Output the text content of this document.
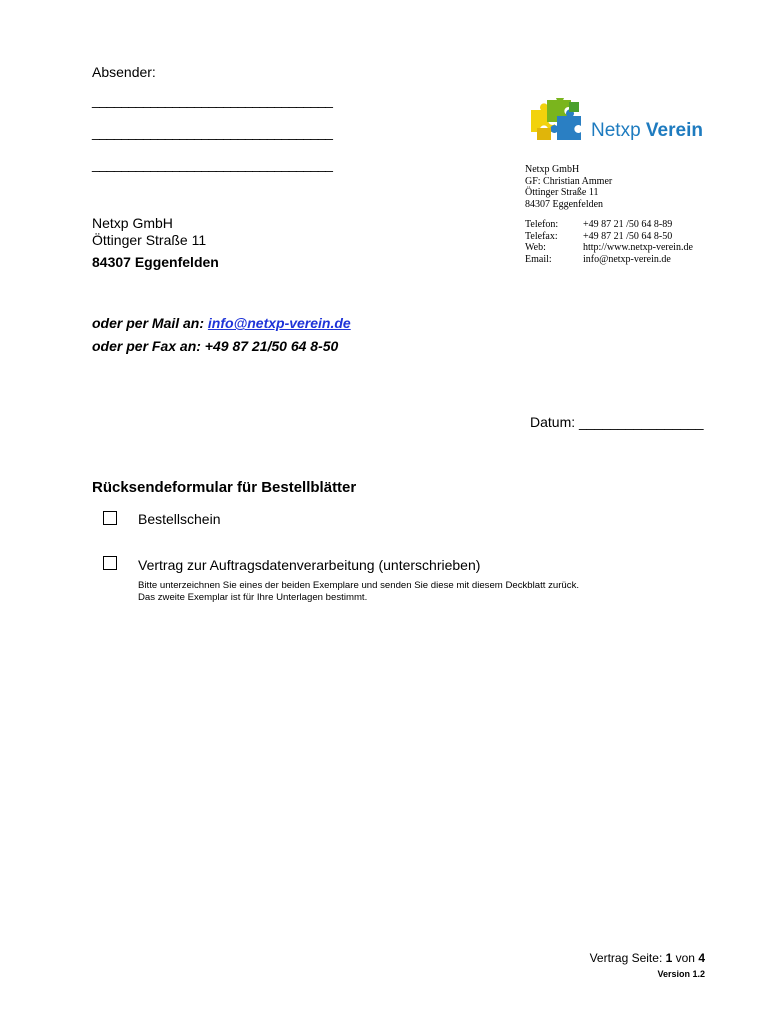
Absender:
_________________________________
_________________________________
_________________________________
Netxp GmbH
Öttinger Straße 11
84307 Eggenfelden
Netxp Verein
Netxp GmbH
GF: Christian Ammer
Öttinger Straße 11
84307 Eggenfelden
Telefon:	+49 87 21 /50 64 8-89
Telefax:	+49 87 21 /50 64 8-50
Web:	http://www.netxp-verein.de
Email:	info@netxp-verein.de
oder per Mail an: info@netxp-verein.de
oder per Fax an: +49 87 21/50 64 8-50
Datum: ________________
Rücksendeformular für Bestellblätter
Bestellschein
Vertrag zur Auftragsdatenverarbeitung (unterschrieben)
Bitte unterzeichnen Sie eines der beiden Exemplare und senden Sie diese mit diesem Deckblatt zurück.
Das zweite Exemplar ist für Ihre Unterlagen bestimmt.
Vertrag Seite: 1 von 4
Version 1.2
